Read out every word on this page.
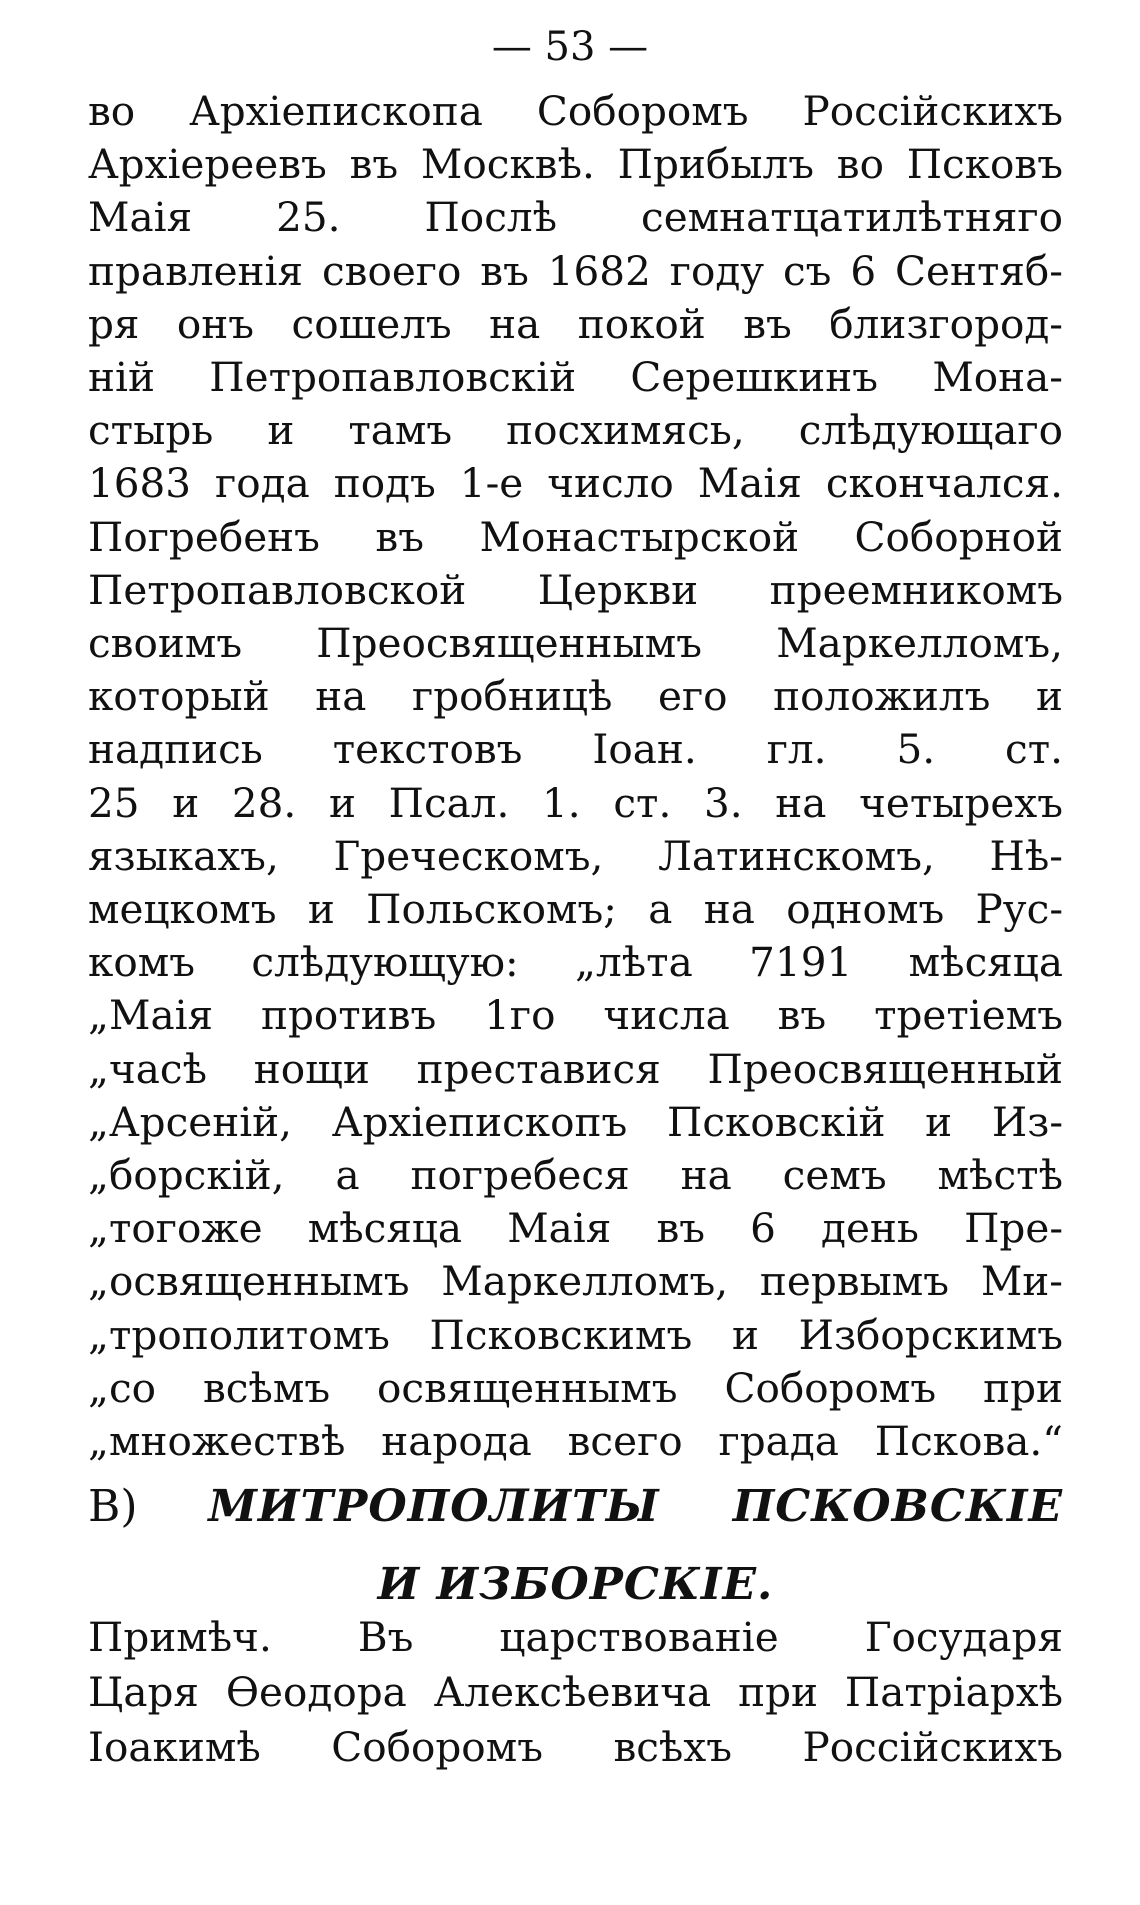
— 53 —
во Архіепископа Соборомъ Россійскихъ
Архіереевъ въ Москвѣ. Прибылъ во Псковъ
Маія 25. Послѣ семнатцатилѣтняго
правленія своего въ 1682 году съ 6 Сентяб-
ря онъ сошелъ на покой въ близгород-
ній Петропавловскій Серешкинъ Мона-
стырь и тамъ посхимясь, слѣдующаго
1683 года подъ 1-е число Маія скончался.
Погребенъ въ Монастырской Соборной
Петропавловской Церкви преемникомъ
своимъ Преосвященнымъ Маркелломъ,
который на гробницѣ его положилъ и
надпись текстовъ Іоан. гл. 5. ст.
25 и 28. и Псал. 1. ст. 3. на четырехъ
языкахъ, Греческомъ, Латинскомъ, Нѣ-
мецкомъ и Польскомъ; а на одномъ Рус-
комъ слѣдующую: „лѣта 7191 мѣсяца
„Маія противъ 1го числа въ третіемъ
„часѣ нощи преставися Преосвященный
„Арсеній, Архіепископъ Псковскій и Из-
„борскій, а погребеся на семъ мѣстѣ
„тогоже мѣсяца Маія въ 6 день Пре-
„освященнымъ Маркелломъ, первымъ Ми-
„трополитомъ Псковскимъ и Изборскимъ
„со всѣмъ освященнымъ Соборомъ при
„множествѣ народа всего града Пскова.“
В) МИТРОПОЛИТЫ ПСКОВСКІЕ
И ИЗБОРСКІЕ.
Примѣч. Въ царствованіе Государя
Царя Ѳеодора Алексѣевича при Патріархѣ
Іоакимѣ Соборомъ всѣхъ Россійскихъ
